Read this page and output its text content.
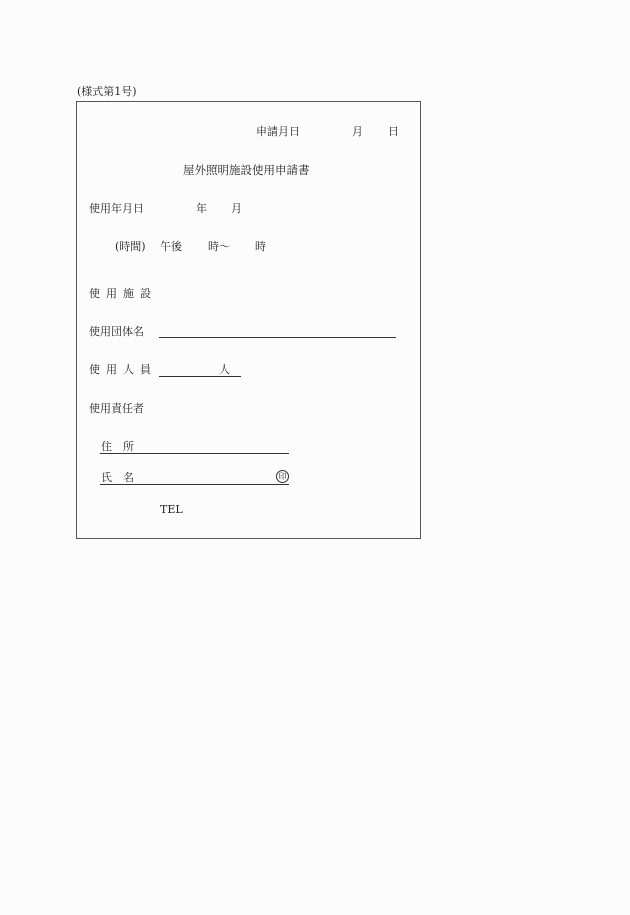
(様式第1号)
申請月日	月 日
屋外照明施設使用申請書
使用年月日	年 月
(時間) 午後 時～ 時
使用施設
使用団体名
使用人員	人
使用責任者
住　所
氏　名	印
TEL
